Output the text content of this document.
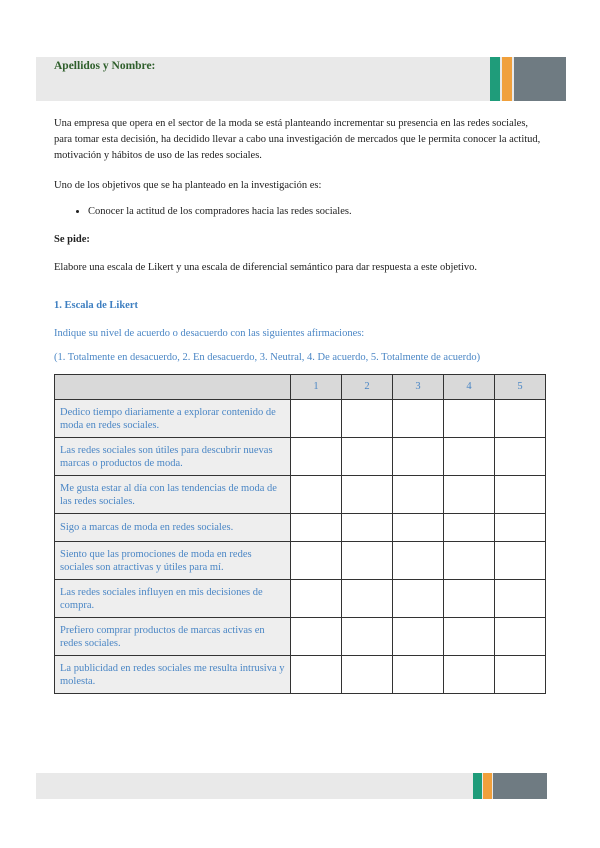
Apellidos y Nombre:

Una empresa que opera en el sector de la moda se está planteando incrementar su presencia en las redes sociales, para tomar esta decisión, ha decidido llevar a cabo una investigación de mercados que le permita conocer la actitud, motivación y hábitos de uso de las redes sociales.

Uno de los objetivos que se ha planteado en la investigación es:

• Conocer la actitud de los compradores hacia las redes sociales.

Se pide:

Elabore una escala de Likert y una escala de diferencial semántico para dar respuesta a este objetivo.

1. Escala de Likert

Indique su nivel de acuerdo o desacuerdo con las siguientes afirmaciones:

(1. Totalmente en desacuerdo, 2. En desacuerdo, 3. Neutral, 4. De acuerdo, 5. Totalmente de acuerdo)

	1	2	3	4	5
Dedico tiempo diariamente a explorar contenido de moda en redes sociales.					
Las redes sociales son útiles para descubrir nuevas marcas o productos de moda.					
Me gusta estar al día con las tendencias de moda de las redes sociales.					
Sigo a marcas de moda en redes sociales.					
Siento que las promociones de moda en redes sociales son atractivas y útiles para mí.					
Las redes sociales influyen en mis decisiones de compra.					
Prefiero comprar productos de marcas activas en redes sociales.					
La publicidad en redes sociales me resulta intrusiva y molesta.					
